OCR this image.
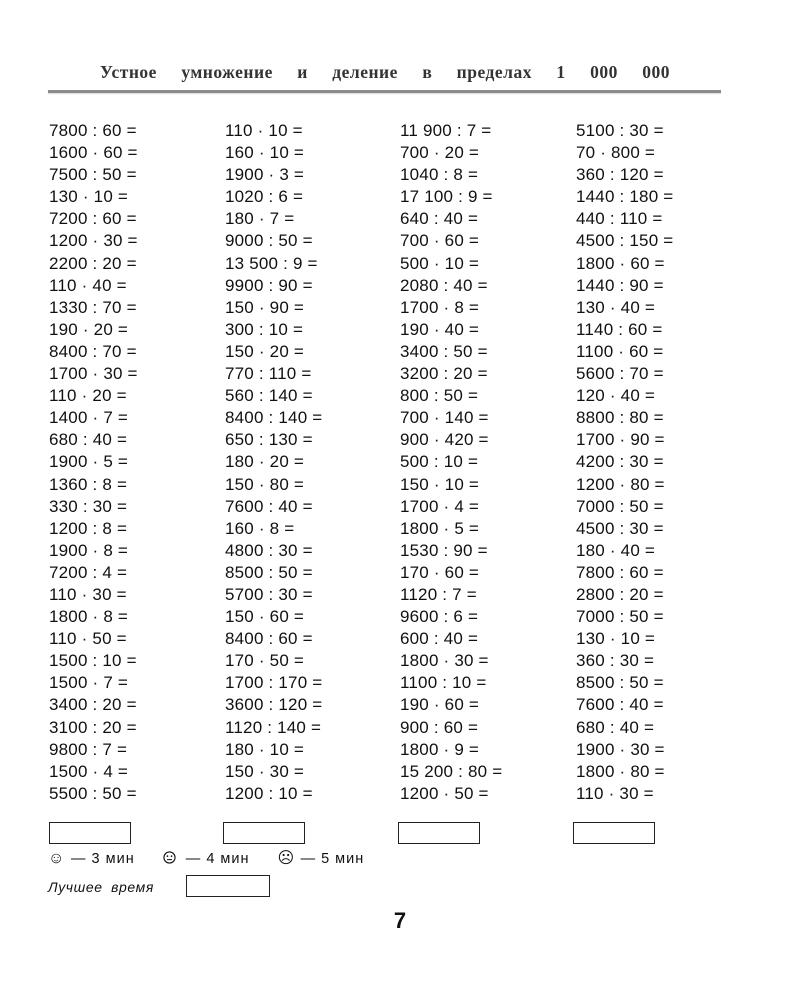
Устное умножение и деление в пределах 1 000 000
7800 : 60 =
1600 · 60 =
7500 : 50 =
130 · 10 =
7200 : 60 =
1200 · 30 =
2200 : 20 =
110 · 40 =
1330 : 70 =
190 · 20 =
8400 : 70 =
1700 · 30 =
110 · 20 =
1400 · 7 =
680 : 40 =
1900 · 5 =
1360 : 8 =
330 : 30 =
1200 : 8 =
1900 · 8 =
7200 : 4 =
110 · 30 =
1800 · 8 =
110 · 50 =
1500 : 10 =
1500 · 7 =
3400 : 20 =
3100 : 20 =
9800 : 7 =
1500 · 4 =
5500 : 50 =
110 · 10 =
160 · 10 =
1900 · 3 =
1020 : 6 =
180 · 7 =
9000 : 50 =
13 500 : 9 =
9900 : 90 =
150 · 90 =
300 : 10 =
150 · 20 =
770 : 110 =
560 : 140 =
8400 : 140 =
650 : 130 =
180 · 20 =
150 · 80 =
7600 : 40 =
160 · 8 =
4800 : 30 =
8500 : 50 =
5700 : 30 =
150 · 60 =
8400 : 60 =
170 · 50 =
1700 : 170 =
3600 : 120 =
1120 : 140 =
180 · 10 =
150 · 30 =
1200 : 10 =
11 900 : 7 =
700 · 20 =
1040 : 8 =
17 100 : 9 =
640 : 40 =
700 · 60 =
500 · 10 =
2080 : 40 =
1700 · 8 =
190 · 40 =
3400 : 50 =
3200 : 20 =
800 : 50 =
700 · 140 =
900 · 420 =
500 : 10 =
150 · 10 =
1700 · 4 =
1800 · 5 =
1530 : 90 =
170 · 60 =
1120 : 7 =
9600 : 6 =
600 : 40 =
1800 · 30 =
1100 : 10 =
190 · 60 =
900 : 60 =
1800 · 9 =
15 200 : 80 =
1200 · 50 =
5100 : 30 =
70 · 800 =
360 : 120 =
1440 : 180 =
440 : 110 =
4500 : 150 =
1800 · 60 =
1440 : 90 =
130 · 40 =
1140 : 60 =
1100 · 60 =
5600 : 70 =
120 · 40 =
8800 : 80 =
1700 · 90 =
4200 : 30 =
1200 · 80 =
7000 : 50 =
4500 : 30 =
180 · 40 =
7800 : 60 =
2800 : 20 =
7000 : 50 =
130 · 10 =
360 : 30 =
8500 : 50 =
7600 : 40 =
680 : 40 =
1900 · 30 =
1800 · 80 =
110 · 30 =
☺ — 3 мин	— 4 мин ☹ — 5 мин
Лучшее время
7
